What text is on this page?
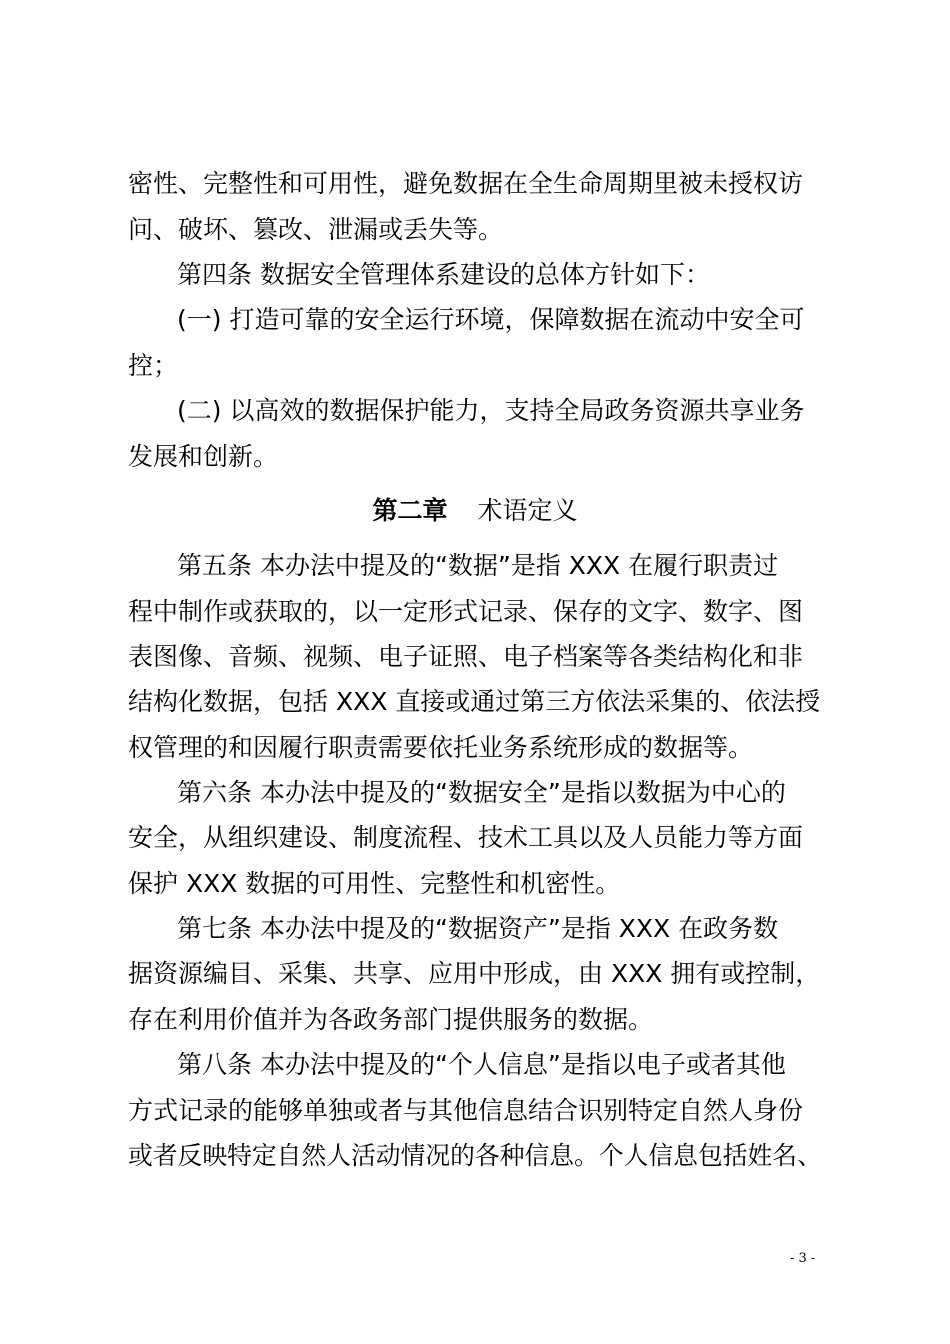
密性、完整性和可用性，避免数据在全生命周期里被未授权访

问、破坏、篡改、泄漏或丢失等。

第四条 数据安全管理体系建设的总体方针如下：

(一) 打造可靠的安全运行环境，保障数据在流动中安全可

控；

(二) 以高效的数据保护能力，支持全局政务资源共享业务

发展和创新。

第二章 术语定义

第五条 本办法中提及的“数据”是指 XXX 在履行职责过

程中制作或获取的，以一定形式记录、保存的文字、数字、图

表图像、音频、视频、电子证照、电子档案等各类结构化和非

结构化数据，包括 XXX 直接或通过第三方依法采集的、依法授

权管理的和因履行职责需要依托业务系统形成的数据等。

第六条 本办法中提及的“数据安全”是指以数据为中心的

安全，从组织建设、制度流程、技术工具以及人员能力等方面

保护 XXX 数据的可用性、完整性和机密性。

第七条 本办法中提及的“数据资产”是指 XXX 在政务数

据资源编目、采集、共享、应用中形成，由 XXX 拥有或控制，

存在利用价值并为各政务部门提供服务的数据。

第八条 本办法中提及的“个人信息”是指以电子或者其他

方式记录的能够单独或者与其他信息结合识别特定自然人身份

或者反映特定自然人活动情况的各种信息。个人信息包括姓名、

- 3 -
